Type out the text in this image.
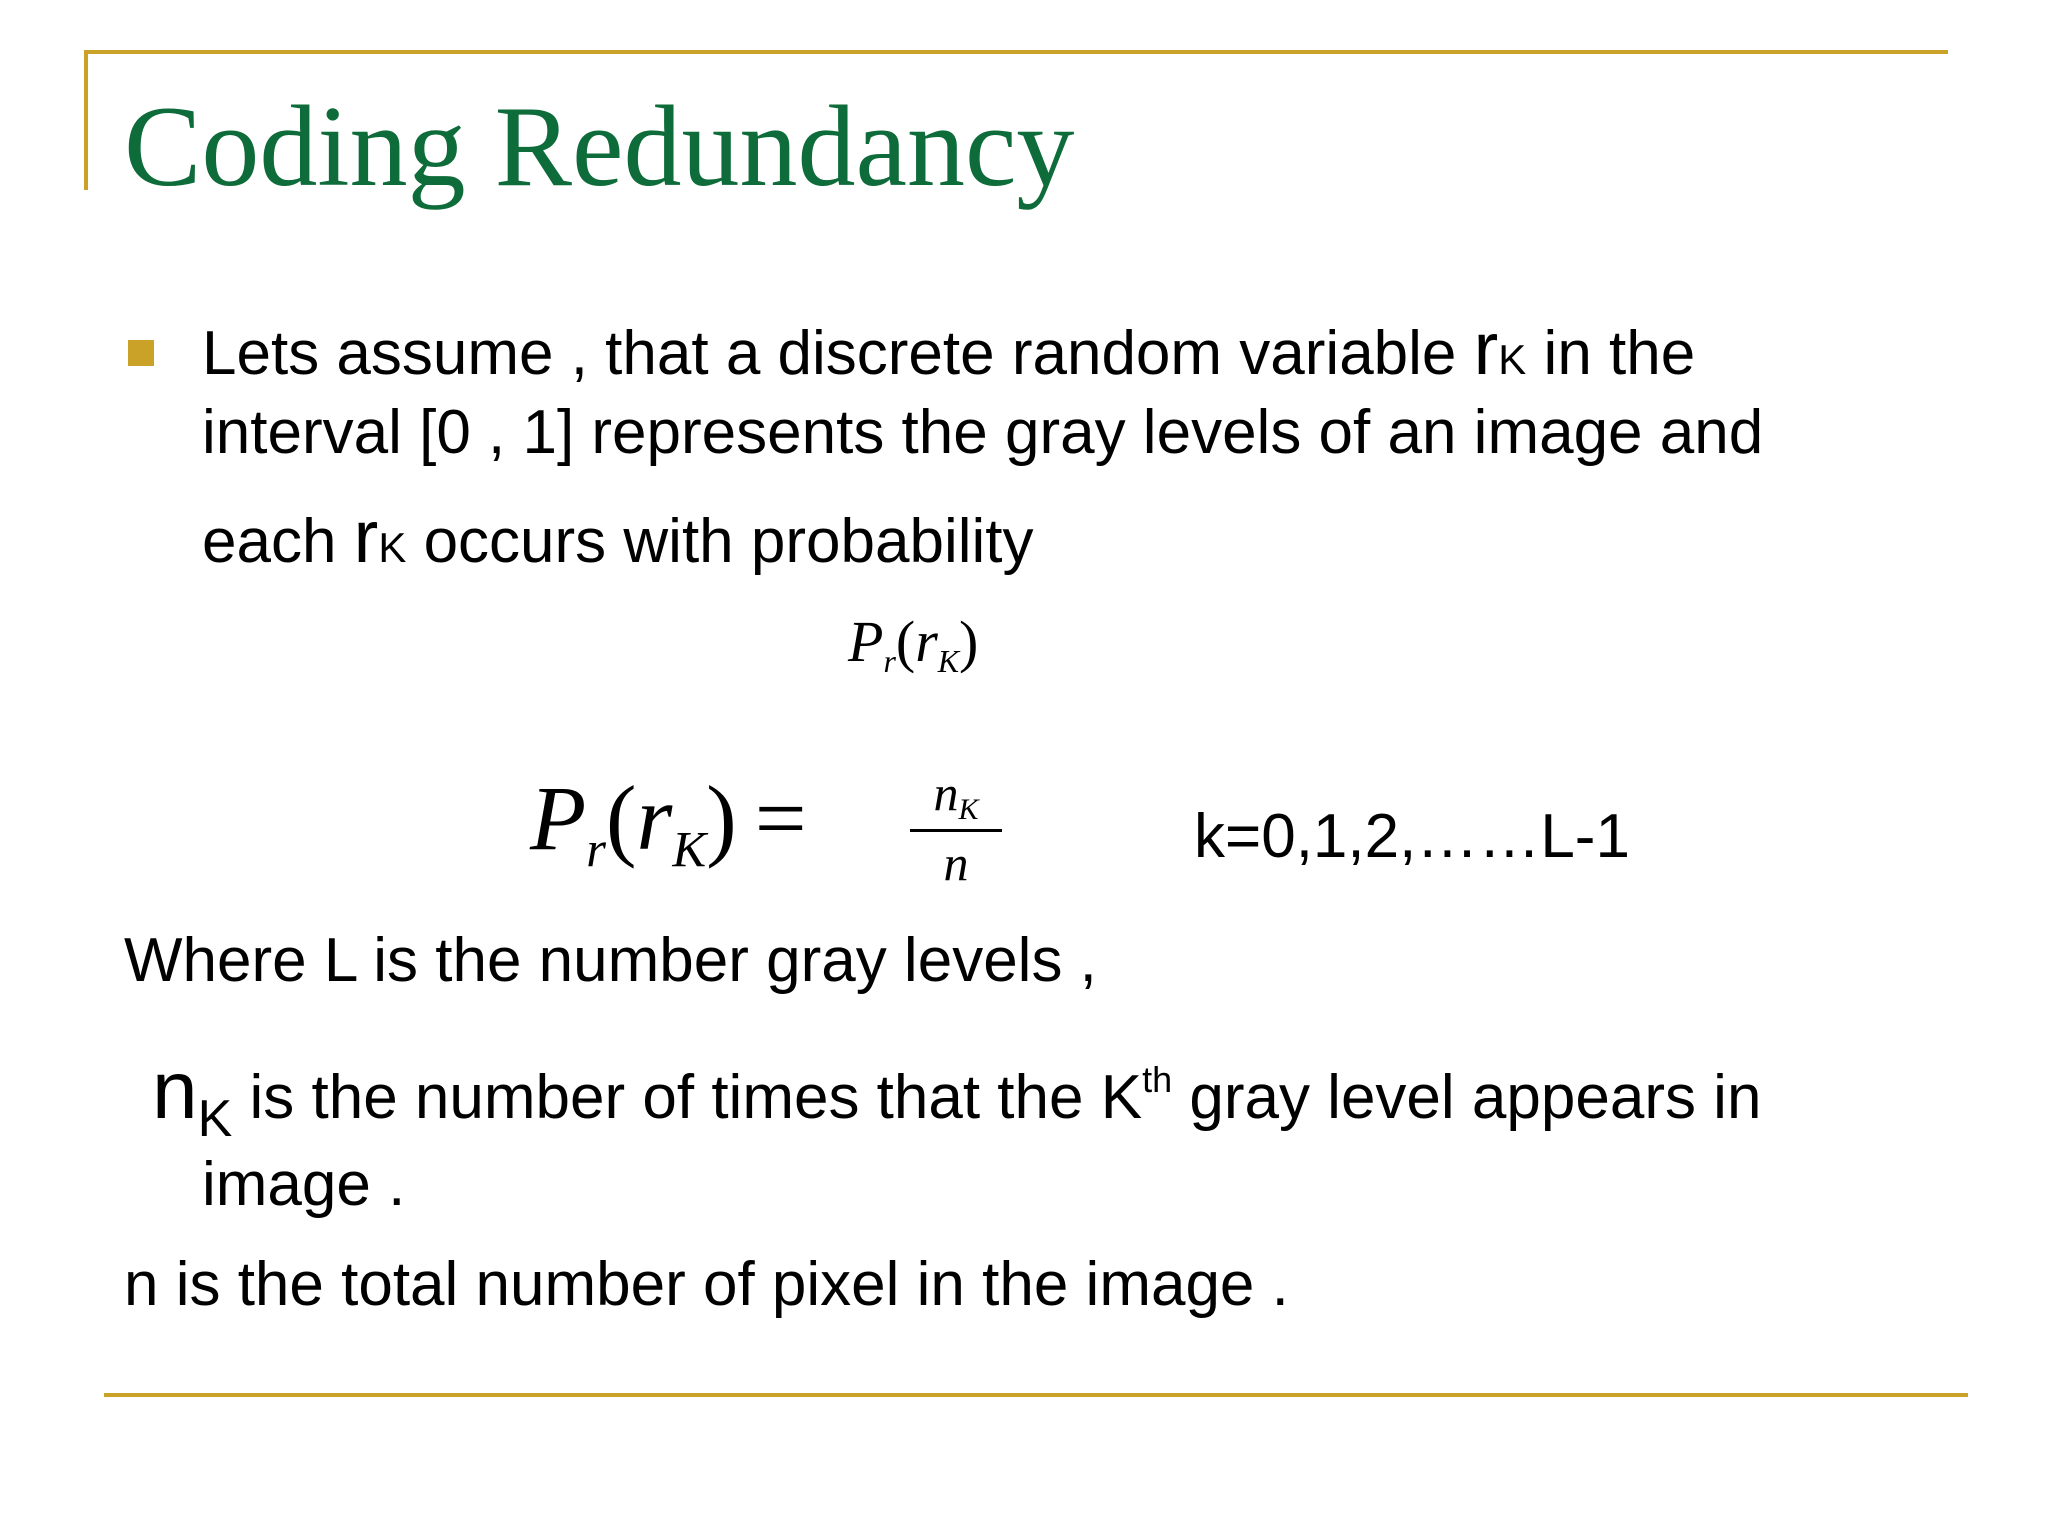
Coding Redundancy
Lets assume , that a discrete random variable rK in the
interval [0 , 1] represents the gray levels of an image and
each rK occurs with probability
$P_r(r_K)$
$P_r(r_K)$ =	$n_K$
n	k=0,1,2,……L-1
Where L is the number gray levels ,
$n_K$ is the number of times that the $K^{th}$ gray level appears in
image .
n is the total number of pixel in the image .
